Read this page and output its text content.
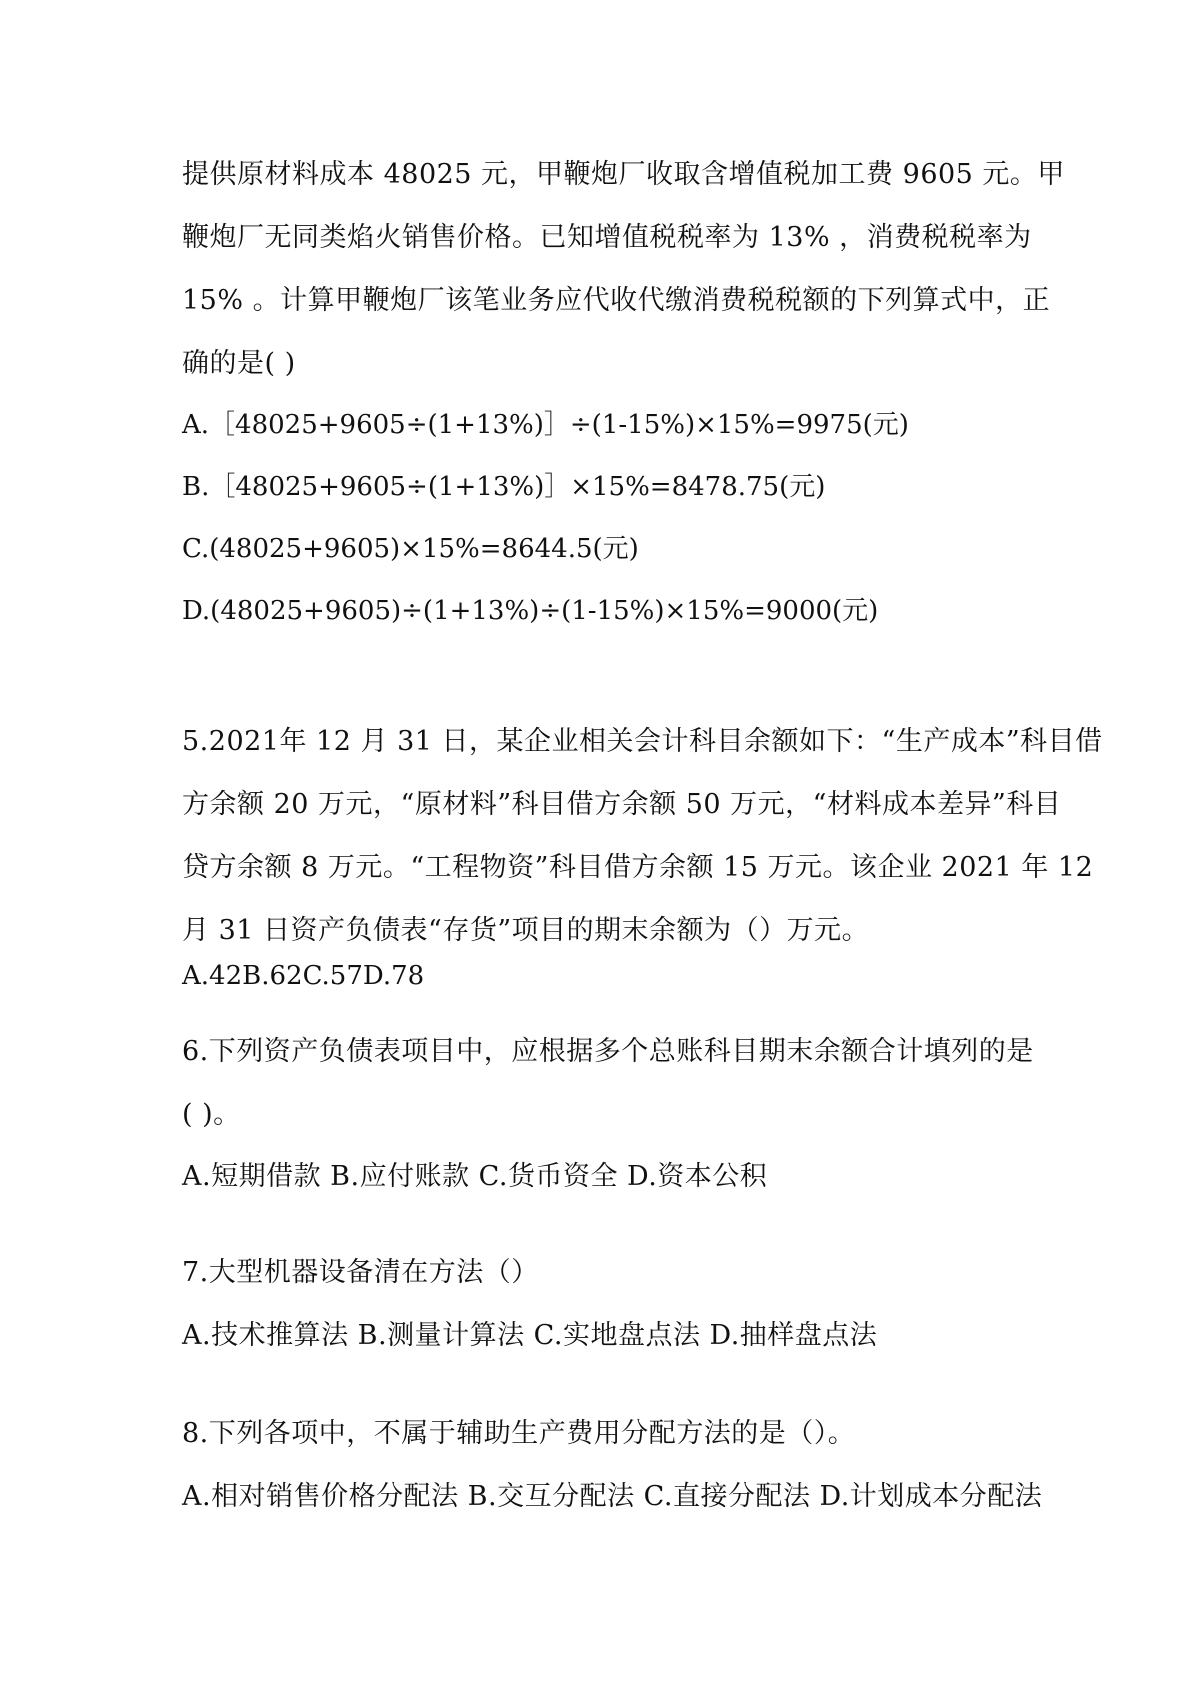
提供原材料成本 48025 元，甲鞭炮厂收取含增值税加工费 9605 元。甲
鞭炮厂无同类焰火销售价格。已知增值税税率为 13% ，消费税税率为
15% 。计算甲鞭炮厂该笔业务应代收代缴消费税税额的下列算式中，正
确的是( )
A.［48025+9605÷(1+13%)］÷(1-15%)×15%=9975(元)
B.［48025+9605÷(1+13%)］×15%=8478.75(元)
C.(48025+9605)×15%=8644.5(元)
D.(48025+9605)÷(1+13%)÷(1-15%)×15%=9000(元)
5.2021年 12 月 31 日，某企业相关会计科目余额如下：“生产成本”科目借
方余额 20 万元，“原材料”科目借方余额 50 万元，“材料成本差异”科目
贷方余额 8 万元。“工程物资”科目借方余额 15 万元。该企业 2021 年 12
月 31 日资产负债表“存货”项目的期末余额为（）万元。
A.42B.62C.57D.78
6.下列资产负债表项目中，应根据多个总账科目期末余额合计填列的是
( )。
A.短期借款 B.应付账款 C.货币资全 D.资本公积
7.大型机器设备清在方法（）
A.技术推算法 B.测量计算法 C.实地盘点法 D.抽样盘点法
8.下列各项中，不属于辅助生产费用分配方法的是（）。
A.相对销售价格分配法 B.交互分配法 C.直接分配法 D.计划成本分配法
